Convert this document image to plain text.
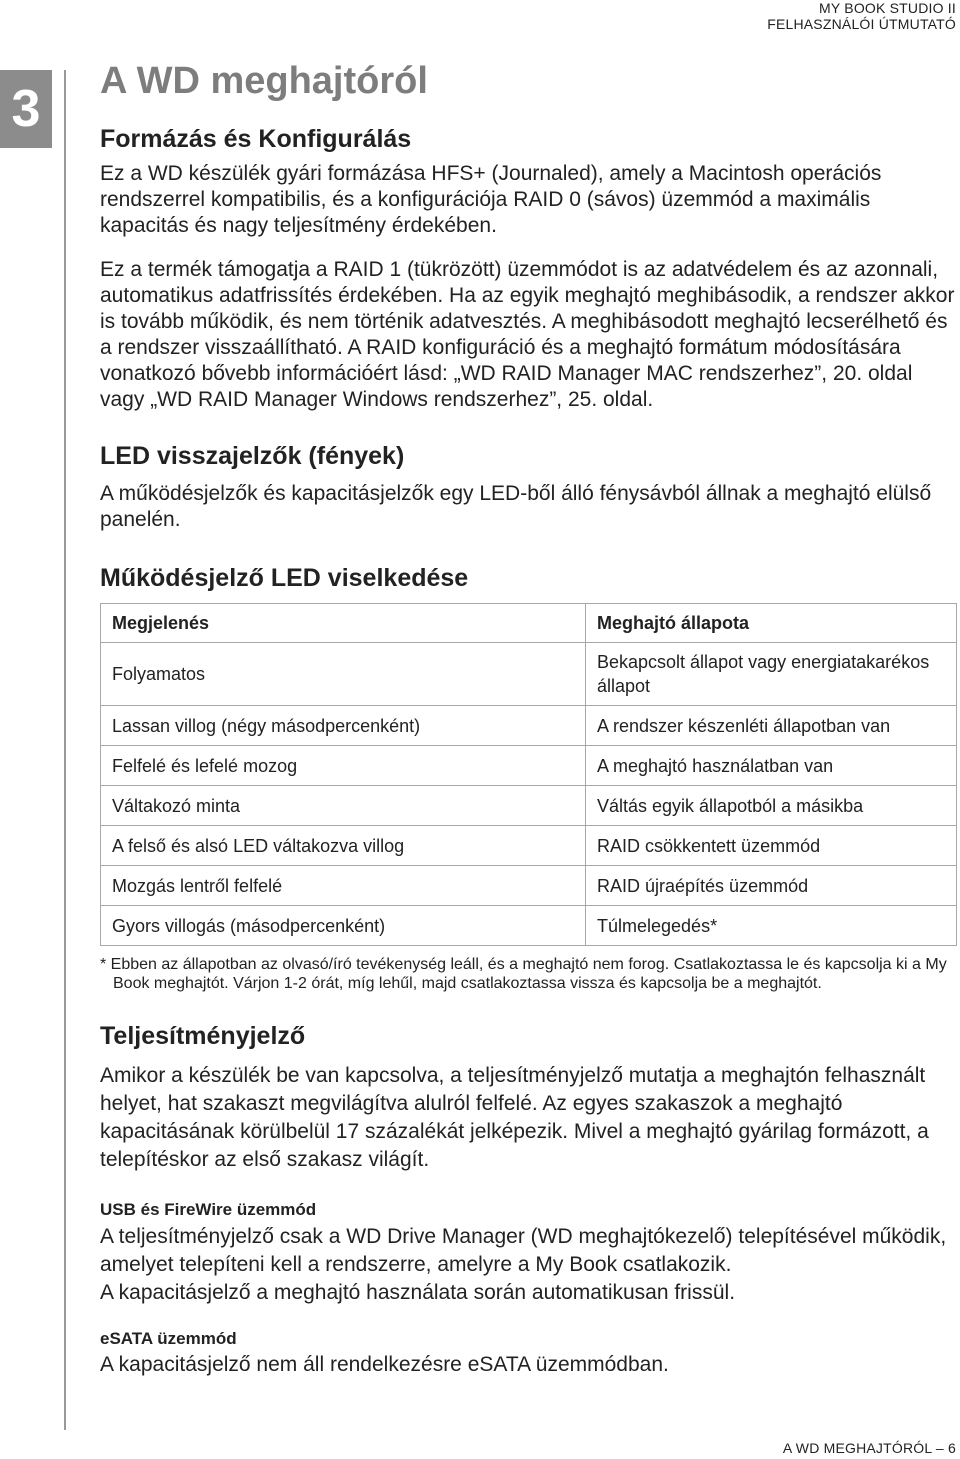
MY BOOK STUDIO II
FELHASZNÁLÓI ÚTMUTATÓ
3 A WD meghajtóról
Formázás és Konfigurálás

Ez a WD készülék gyári formázása HFS+ (Journaled), amely a Macintosh operációs rendszerrel kompatibilis, és a konfigurációja RAID 0 (sávos) üzemmód a maximális kapacitás és nagy teljesítmény érdekében.

Ez a termék támogatja a RAID 1 (tükrözött) üzemmódot is az adatvédelem és az azonnali, automatikus adatfrissítés érdekében. Ha az egyik meghajtó meghibásodik, a rendszer akkor is tovább működik, és nem történik adatvesztés. A meghibásodott meghajtó lecserélhető és a rendszer visszaállítható. A RAID konfiguráció és a meghajtó formátum módosítására vonatkozó bővebb információért lásd: „WD RAID Manager MAC rendszerhez”, 20. oldal vagy „WD RAID Manager Windows rendszerhez”, 25. oldal.

LED visszajelzők (fények)

A működésjelzők és kapacitásjelzők egy LED-ből álló fénysávból állnak a meghajtó elülső panelén.

Működésjelző LED viselkedése
Megjelenés	Meghajtó állapota
Folyamatos	Bekapcsolt állapot vagy energiatakarékos állapot
Lassan villog (négy másodpercenként)	A rendszer készenléti állapotban van
Felfelé és lefelé mozog	A meghajtó használatban van
Váltakozó minta	Váltás egyik állapotból a másikba
A felső és alsó LED váltakozva villog	RAID csökkentett üzemmód
Mozgás lentről felfelé	RAID újraépítés üzemmód
Gyors villogás (másodpercenként)	Túlmelegedés*

* Ebben az állapotban az olvasó/író tevékenység leáll, és a meghajtó nem forog. Csatlakoztassa le és kapcsolja ki a My Book meghajtót. Várjon 1-2 órát, míg lehűl, majd csatlakoztassa vissza és kapcsolja be a meghajtót.

Teljesítményjelző

Amikor a készülék be van kapcsolva, a teljesítményjelző mutatja a meghajtón felhasznált helyet, hat szakaszt megvilágítva alulról felfelé. Az egyes szakaszok a meghajtó kapacitásának körülbelül 17 százalékát jelképezik. Mivel a meghajtó gyárilag formázott, a telepítéskor az első szakasz világít.

USB és FireWire üzemmód

A teljesítményjelző csak a WD Drive Manager (WD meghajtókezelő) telepítésével működik, amelyet telepíteni kell a rendszerre, amelyre a My Book csatlakozik.

A kapacitásjelző a meghajtó használata során automatikusan frissül.

eSATA üzemmód

A kapacitásjelző nem áll rendelkezésre eSATA üzemmódban.

A WD MEGHAJTÓRÓL – 6
